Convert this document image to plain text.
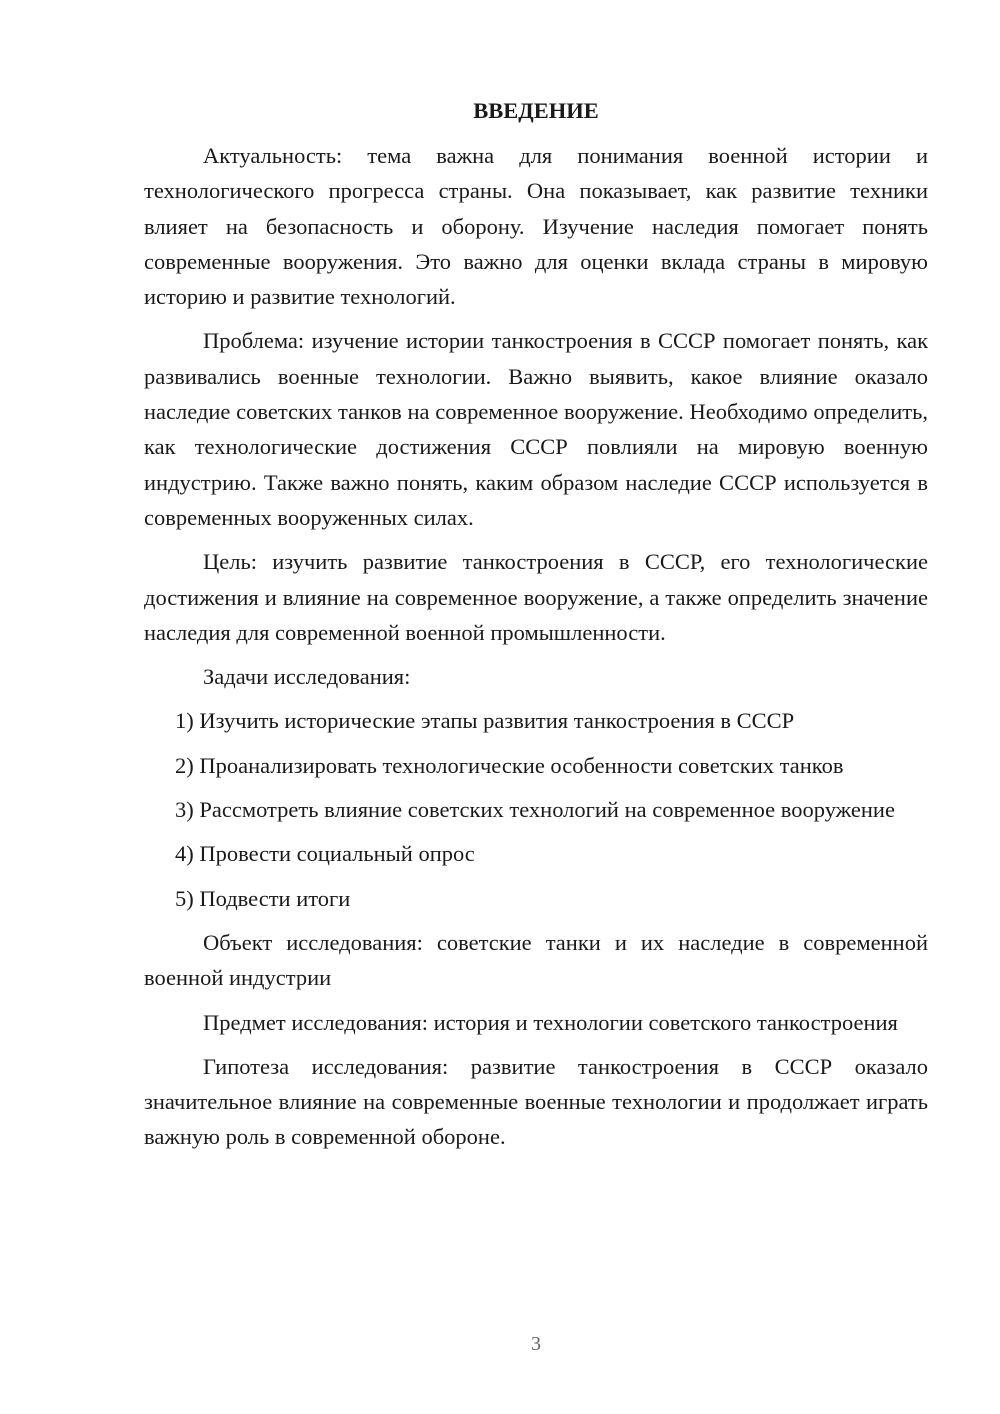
ВВЕДЕНИЕ

Актуальность: тема важна для понимания военной истории и технологического прогресса страны. Она показывает, как развитие техники влияет на безопасность и оборону. Изучение наследия помогает понять современные вооружения. Это важно для оценки вклада страны в мировую историю и развитие технологий.

Проблема: изучение истории танкостроения в СССР помогает понять, как развивались военные технологии. Важно выявить, какое влияние оказало наследие советских танков на современное вооружение. Необходимо определить, как технологические достижения СССР повлияли на мировую военную индустрию. Также важно понять, каким образом наследие СССР используется в современных вооруженных силах.

Цель: изучить развитие танкостроения в СССР, его технологические достижения и влияние на современное вооружение, а также определить значение наследия для современной военной промышленности.

Задачи исследования:

1) Изучить исторические этапы развития танкостроения в СССР

2) Проанализировать технологические особенности советских танков

3) Рассмотреть влияние советских технологий на современное вооружение

4) Провести социальный опрос

5) Подвести итоги

Объект исследования: советские танки и их наследие в современной военной индустрии

Предмет исследования: история и технологии советского танкостроения

Гипотеза исследования: развитие танкостроения в СССР оказало значительное влияние на современные военные технологии и продолжает играть важную роль в современной обороне.

3
